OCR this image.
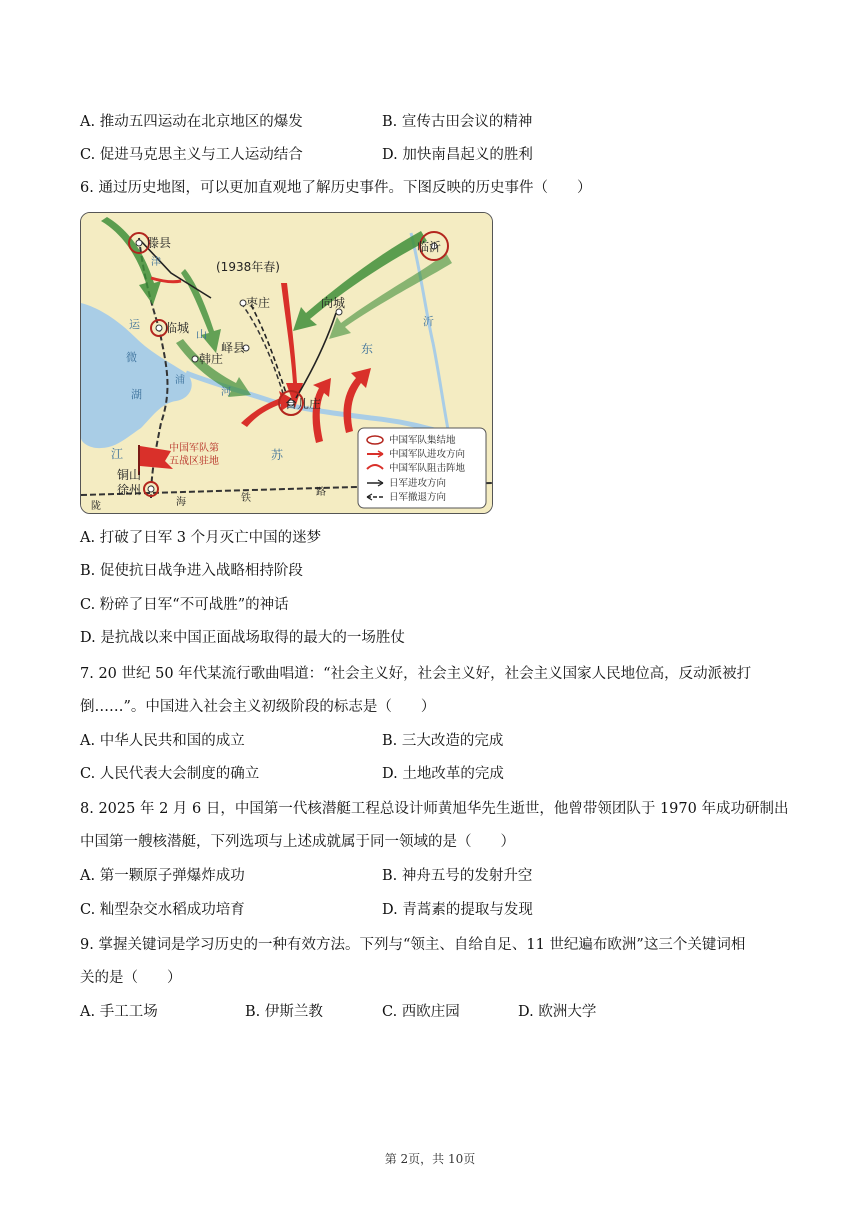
A. 推动五四运动在北京地区的爆发	B. 宣传古田会议的精神
C. 促进马克思主义与工人运动结合	D. 加快南昌起义的胜利
6. 通过历史地图，可以更加直观地了解历史事件。下图反映的历史事件（　　）
滕县	临沂
(1938年春)
枣庄	向城
临城
峄县
韩庄
台儿庄
铜山
徐州
中国军队第
五战区驻地
运
微
山
湖
津
浦
河
东
沂
江	苏
陇	海	铁
路
中国军队集结地
中国军队进攻方向
中国军队阻击阵地
日军进攻方向
日军撤退方向
A. 打破了日军 3 个月灭亡中国的迷梦
B. 促使抗日战争进入战略相持阶段
C. 粉碎了日军“不可战胜”的神话
D. 是抗战以来中国正面战场取得的最大的一场胜仗
7. 20 世纪 50 年代某流行歌曲唱道：“社会主义好，社会主义好，社会主义国家人民地位高，反动派被打
倒……”。中国进入社会主义初级阶段的标志是（　　）
A. 中华人民共和国的成立	B. 三大改造的完成
C. 人民代表大会制度的确立	D. 土地改革的完成
8. 2025 年 2 月 6 日，中国第一代核潜艇工程总设计师黄旭华先生逝世，他曾带领团队于 1970 年成功研制出
中国第一艘核潜艇，下列选项与上述成就属于同一领域的是（　　）
A. 第一颗原子弹爆炸成功	B. 神舟五号的发射升空
C. 籼型杂交水稻成功培育	D. 青蒿素的提取与发现
9. 掌握关键词是学习历史的一种有效方法。下列与“领主、自给自足、11 世纪遍布欧洲”这三个关键词相
关的是（　　）
A. 手工工场	B. 伊斯兰教	C. 西欧庄园	D. 欧洲大学
第 2页，共 10页
